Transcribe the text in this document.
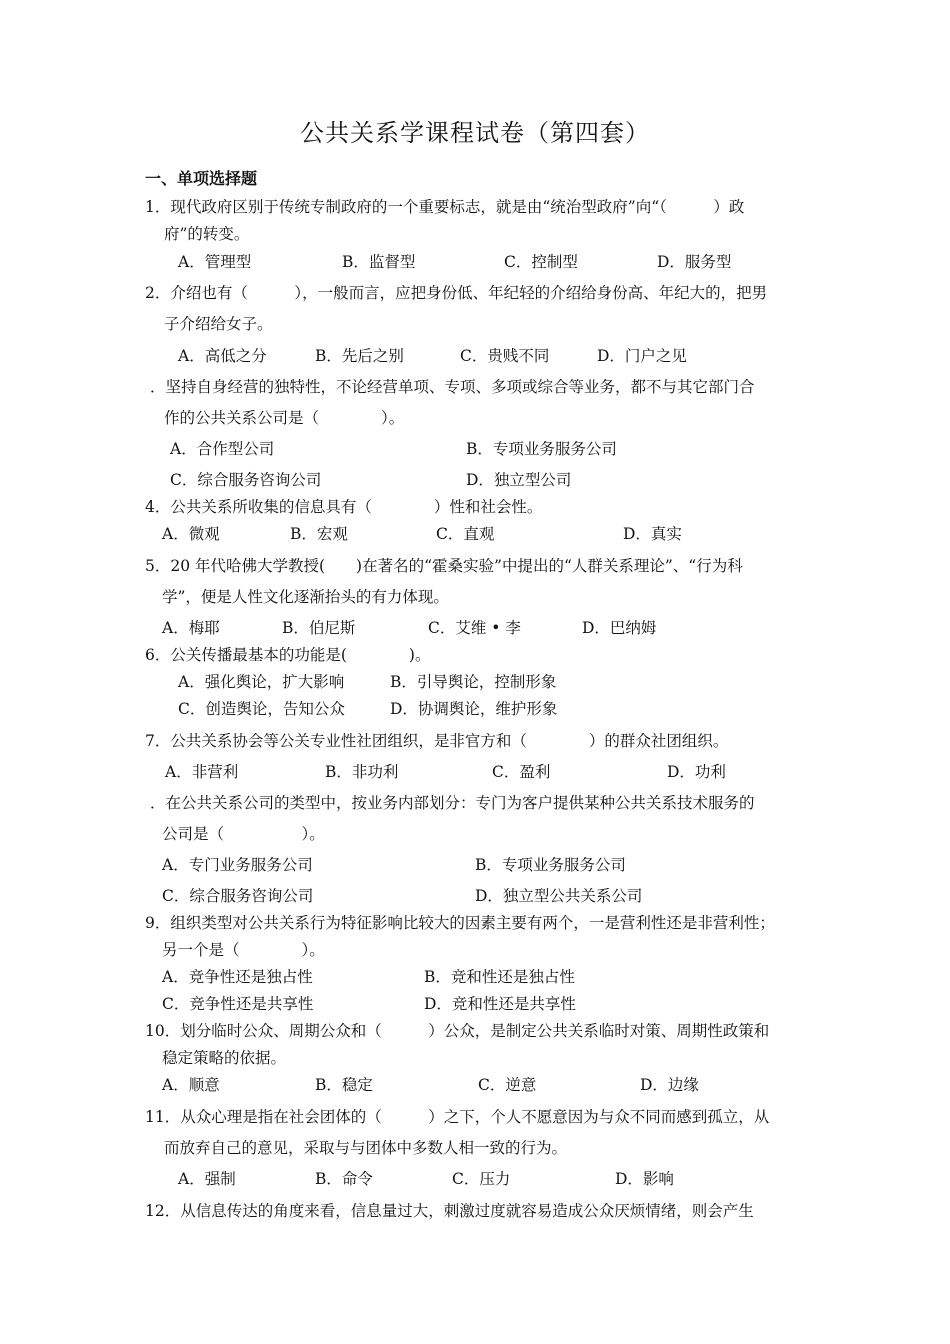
公共关系学课程试卷（第四套）
一、单项选择题
1．现代政府区别于传统专制政府的一个重要标志，就是由“统治型政府”向“（　　　）政
府”的转变。
A．管理型	B．监督型	C．控制型	D．服务型
2．介绍也有（　　　），一般而言，应把身份低、年纪轻的介绍给身份高、年纪大的，把男
子介绍给女子。
A．高低之分	B．先后之别	C．贵贱不同	D．门户之见
．坚持自身经营的独特性，不论经营单项、专项、多项或综合等业务，都不与其它部门合
作的公共关系公司是（　　　　）。
A．合作型公司	B．专项业务服务公司
C．综合服务咨询公司	D．独立型公司
4．公共关系所收集的信息具有（　　　　）性和社会性。
A．微观	B．宏观	C．直观	D．真实
5．20 年代哈佛大学教授(　　)在著名的“霍桑实验”中提出的“人群关系理论”、“行为科
学”，便是人性文化逐渐抬头的有力体现。
A．梅耶	B．伯尼斯	C．艾维 • 李	D．巴纳姆
6．公关传播最基本的功能是(　　　　)。
A．强化舆论，扩大影响	B．引导舆论，控制形象
C．创造舆论，告知公众	D．协调舆论，维护形象
7．公共关系协会等公关专业性社团组织，是非官方和（　　　　）的群众社团组织。
A．非营利	B．非功利	C．盈利	D．功利
．在公共关系公司的类型中，按业务内部划分：专门为客户提供某种公共关系技术服务的
公司是（　　　　　）。
A．专门业务服务公司	B．专项业务服务公司
C．综合服务咨询公司	D．独立型公共关系公司
9．组织类型对公共关系行为特征影响比较大的因素主要有两个，一是营利性还是非营利性；
另一个是（　　　　）。
A．竞争性还是独占性	B．竞和性还是独占性
C．竞争性还是共享性	D．竞和性还是共享性
10．划分临时公众、周期公众和（　　　）公众，是制定公共关系临时对策、周期性政策和
稳定策略的依据。
A．顺意	B．稳定	C．逆意	D．边缘
11．从众心理是指在社会团体的（　　　）之下，个人不愿意因为与众不同而感到孤立，从
而放弃自己的意见，采取与与团体中多数人相一致的行为。
A．强制	B．命令	C．压力	D．影响
12．从信息传达的角度来看，信息量过大，刺激过度就容易造成公众厌烦情绪，则会产生
